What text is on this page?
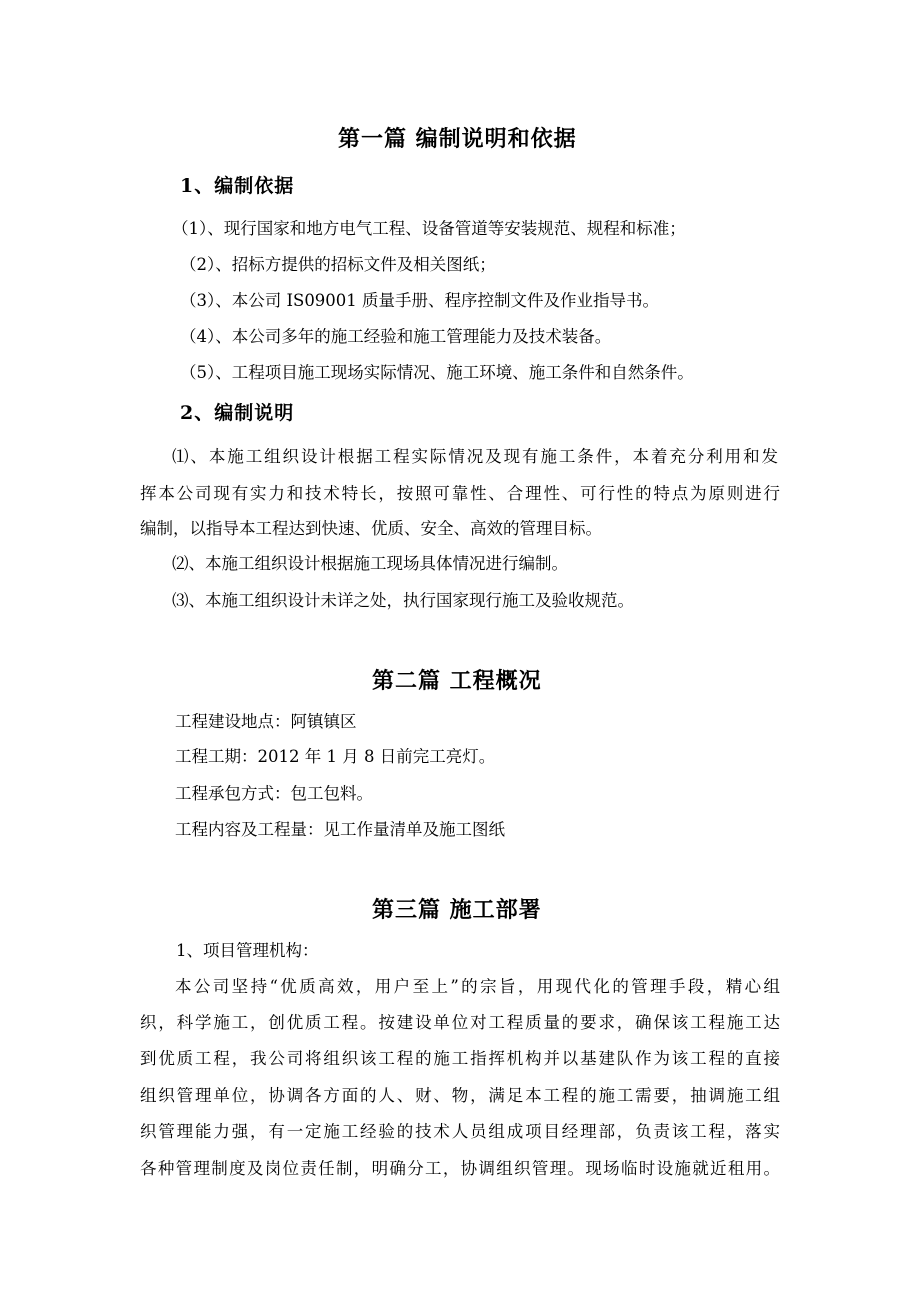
第一篇 编制说明和依据
1、编制依据
（1）、现行国家和地方电气工程、设备管道等安装规范、规程和标准；
（2）、招标方提供的招标文件及相关图纸；
（3）、本公司 IS09001 质量手册、程序控制文件及作业指导书。
（4）、本公司多年的施工经验和施工管理能力及技术装备。
（5）、工程项目施工现场实际情况、施工环境、施工条件和自然条件。
2、编制说明
⑴、本施工组织设计根据工程实际情况及现有施工条件，本着充分利用和发
挥本公司现有实力和技术特长，按照可靠性、合理性、可行性的特点为原则进行
编制，以指导本工程达到快速、优质、安全、高效的管理目标。
⑵、本施工组织设计根据施工现场具体情况进行编制。
⑶、本施工组织设计未详之处，执行国家现行施工及验收规范。
第二篇 工程概况
工程建设地点：阿镇镇区
工程工期：2012 年 1 月 8 日前完工亮灯。
工程承包方式：包工包料。
工程内容及工程量：见工作量清单及施工图纸
第三篇 施工部署
1、项目管理机构：
本公司坚持“优质高效，用户至上”的宗旨，用现代化的管理手段，精心组
织，科学施工，创优质工程。按建设单位对工程质量的要求，确保该工程施工达
到优质工程，我公司将组织该工程的施工指挥机构并以基建队作为该工程的直接
组织管理单位，协调各方面的人、财、物，满足本工程的施工需要，抽调施工组
织管理能力强，有一定施工经验的技术人员组成项目经理部，负责该工程，落实
各种管理制度及岗位责任制，明确分工，协调组织管理。现场临时设施就近租用。
